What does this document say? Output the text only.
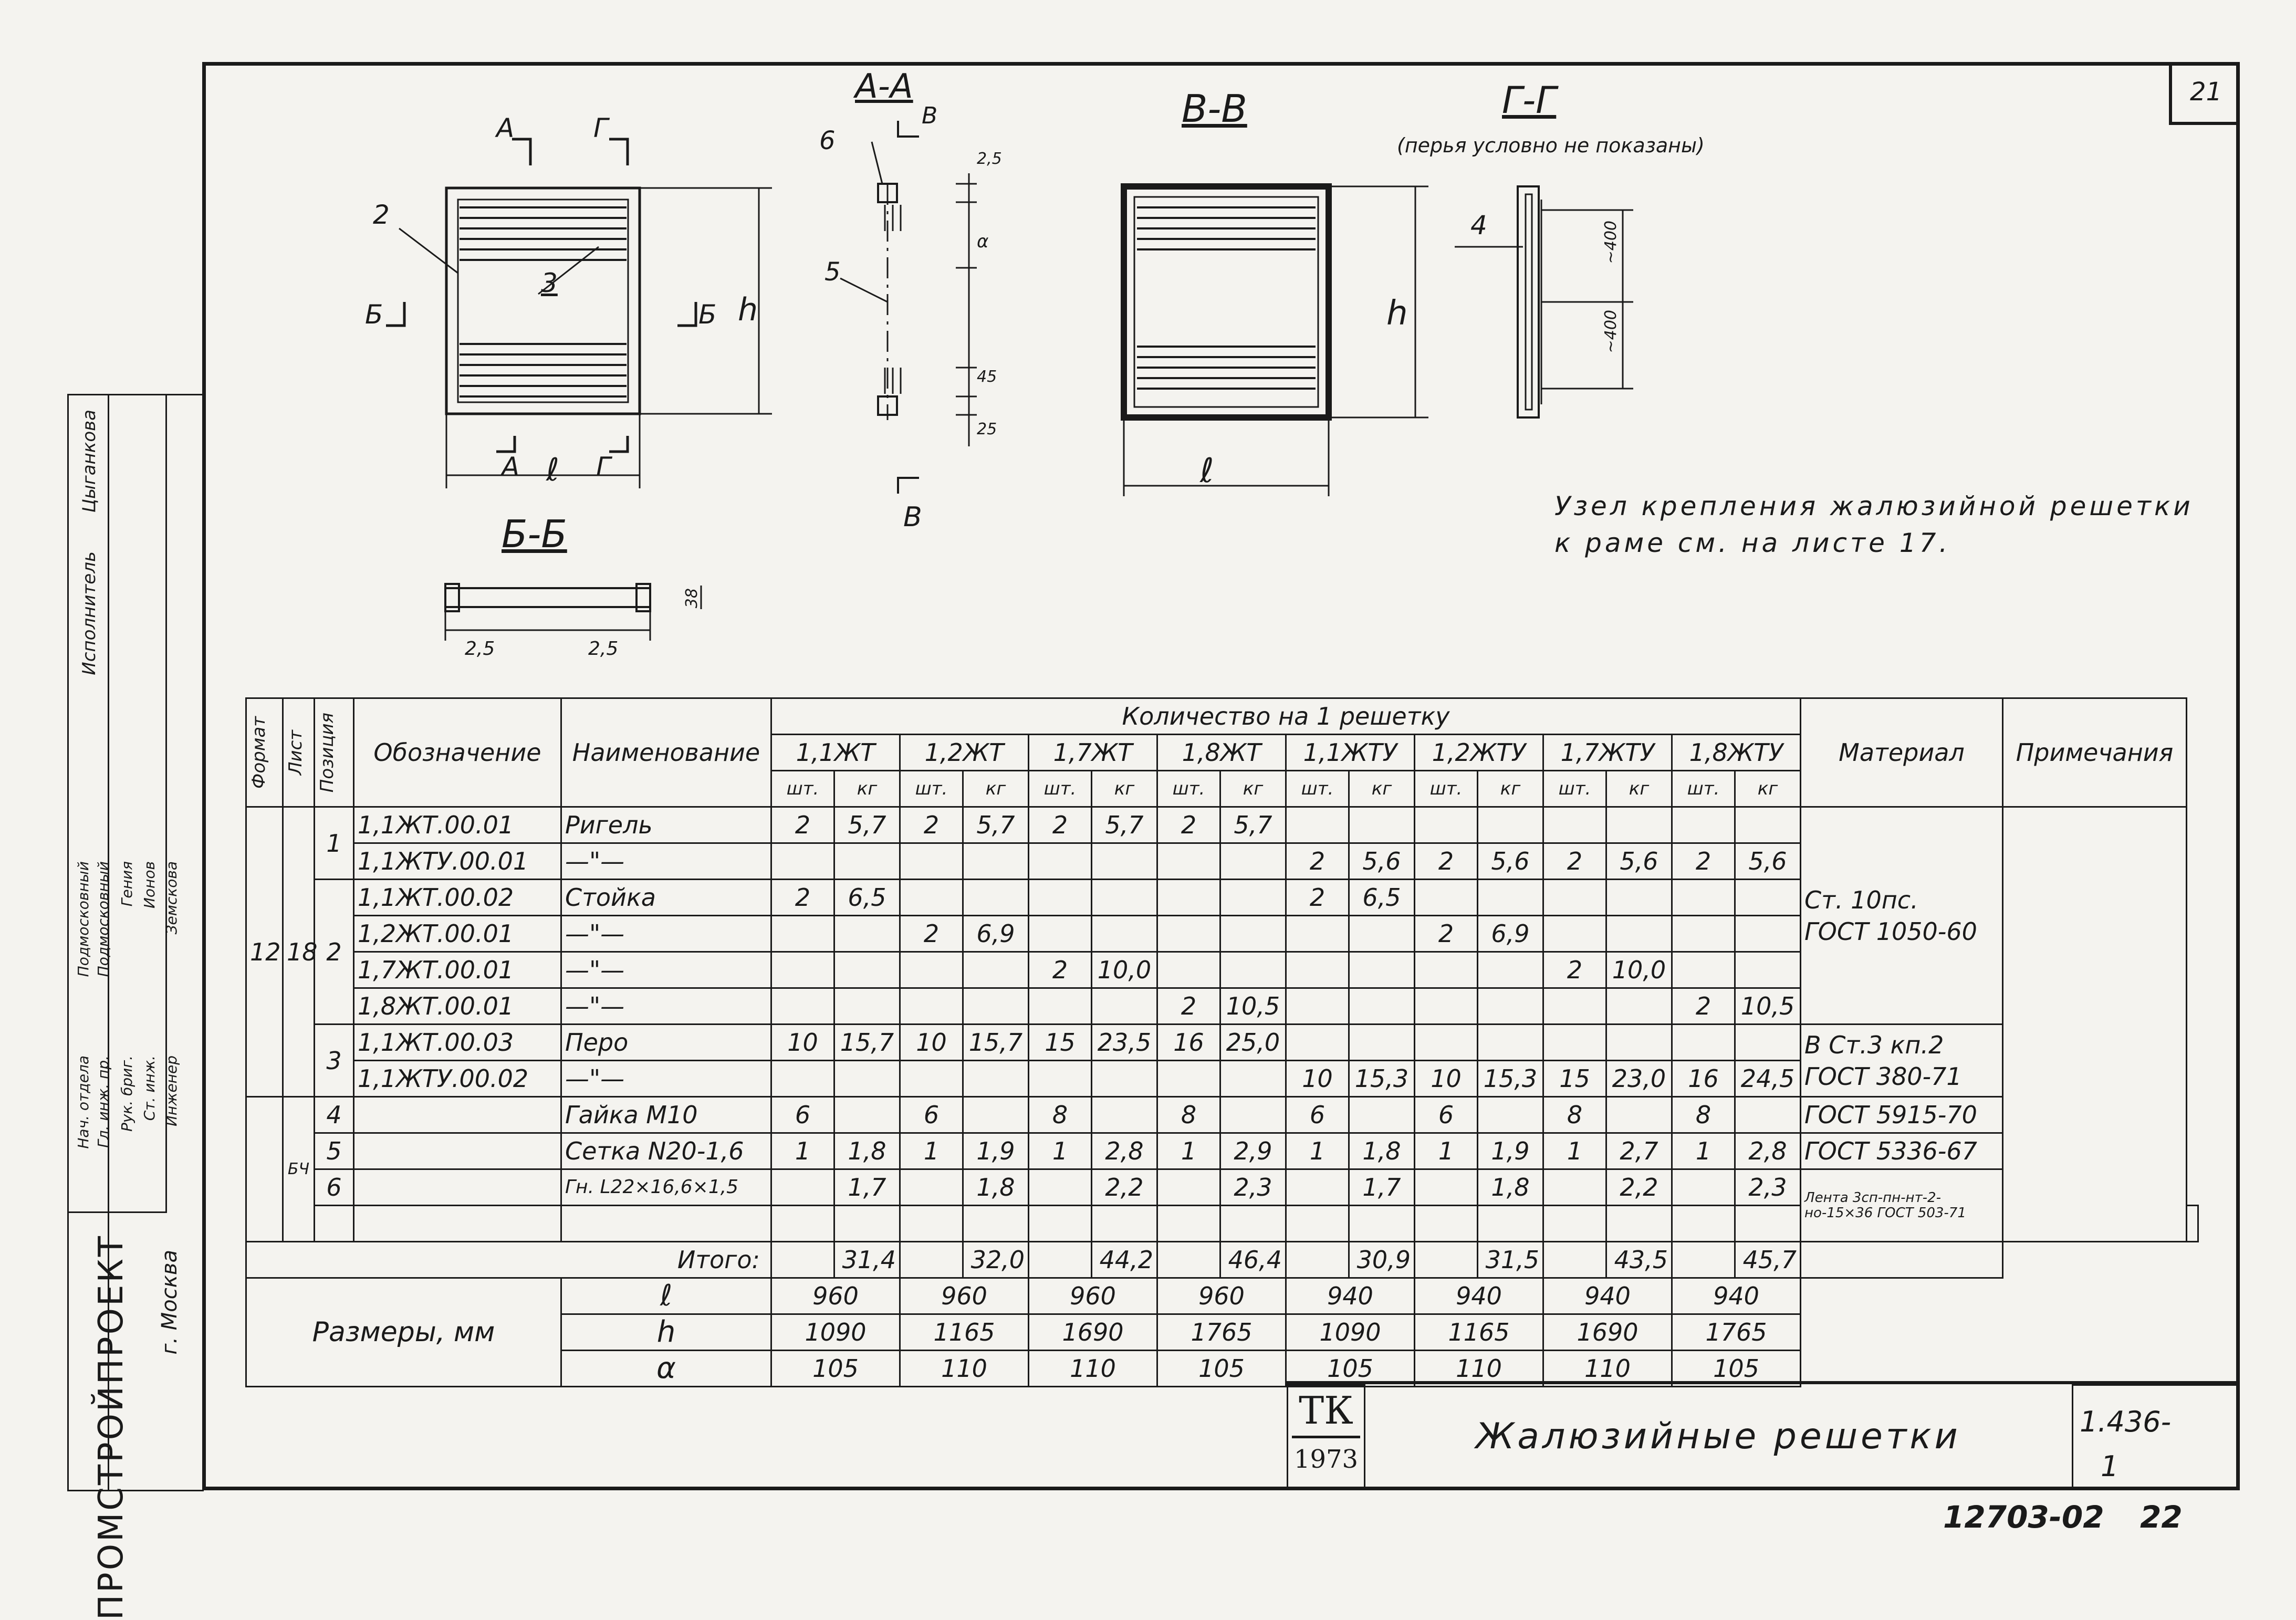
21
ПРОМСТРОЙПРОЕКТ г. Москва
Исполнитель
Цыганкова
Нач. отдела Гл. инж. пр. Рук. бриг. Ст. инж. Инженер
Подмосковный Подмосковный Гения Ионов Земскова
A-A	В-В	Г-Г
(перья условно не показаны)
Б-Б
А	Г
А	Г
Б	Б
ℓ
h
2
3
6
5
В
В
2,5
α
45
25
ℓ
h
4	~400
~400
2,5	2,5
38
Узел крепления жалюзийной решетки
к раме см. на листе 17.
Формат	Лист	Позиция	Обозначение	Наименование	Количество на 1 решетку																Материал	Примечания	
					1,1ЖТ		1,2ЖТ		1,7ЖТ		1,8ЖТ		1,1ЖТУ		1,2ЖТУ		1,7ЖТУ		1,8ЖТУ				
					шт.	кг	шт.	кг	шт.	кг	шт.	кг	шт.	кг	шт.	кг	шт.	кг	шт.	кг			
12	18	1	1,1ЖТ.00.01	Ригель	2	5,7	2	5,7	2	5,7	2	5,7									Ст. 10пс.
ГОСТ 1050-60		

			1,1ЖТУ.00.01	—"—									2	5,6	2	5,6	2	5,6	2	5,6			
		2	1,1ЖТ.00.02	Стойка	2	6,5							2	6,5									
			1,2ЖТ.00.01	—"—			2	6,9							2	6,9							
			1,7ЖТ.00.01	—"—					2	10,0							2	10,0					
			1,8ЖТ.00.01	—"—							2	10,5							2	10,5			
		3	1,1ЖТ.00.03	Перо	10	15,7	10	15,7	15	23,5	16	25,0									В Ст.3 кп.2
ГОСТ 380-71		

			1,1ЖТУ.00.02	—"—									10	15,3	10	15,3	15	23,0	16	24,5			
	БЧ	4		Гайка М10	6		6		8		8		6		6		8		8		ГОСТ 5915-70		

		5		Сетка N20-1,6	1	1,8	1	1,9	1	2,8	1	2,9	1	1,8	1	1,9	1	2,7	1	2,8	ГОСТ 5336-67		

		6		Гн. L22×16,6×1,5		1,7		1,8		2,2		2,3		1,7		1,8		2,2		2,3	Лента 3сп-пн-нт-2-но-15×36 ГОСТ 503-71		

Итого:						31,4		32,0		44,2		46,4		30,9		31,5		43,5		45,7		
Размеры, мм				ℓ	960		960		960		960		940		940		940		940				
				h	1090		1165		1690		1765		1090		1165		1690		1765				
				α	105		110		110		105		105		110		110		105				
ТК
1973
Жалюзийные решетки	1.436-
1
12703-02 22
